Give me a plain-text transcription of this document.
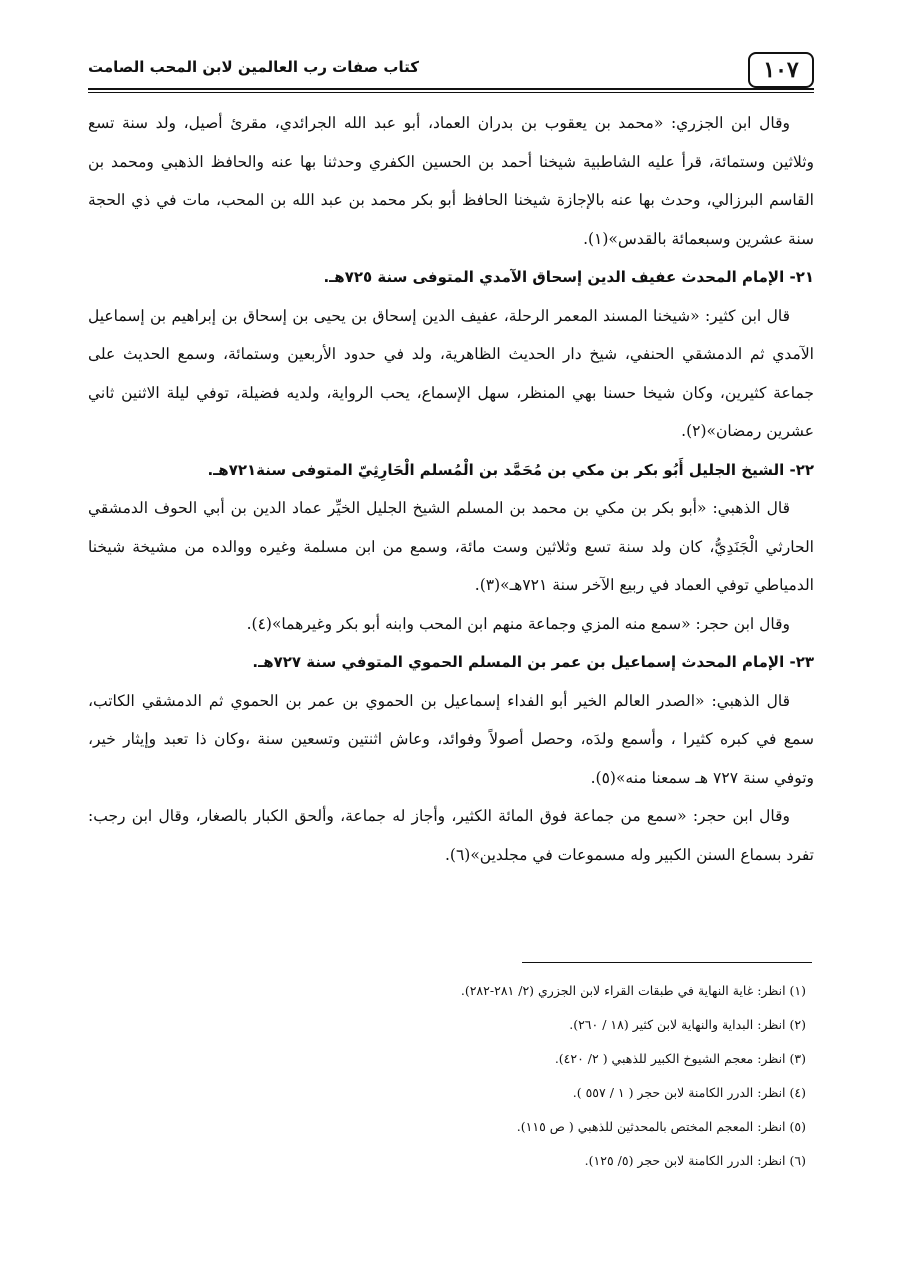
١٠٧
كتاب صفات رب العالمين لابن المحب الصامت

وقال ابن الجزري: «محمد بن يعقوب بن بدران العماد، أبو عبد الله الجرائدي، مقرئ أصيل، ولد سنة تسع وثلاثين وستمائة، قرأ عليه الشاطبية شيخنا أحمد بن الحسين الكفري وحدثنا بها عنه والحافظ الذهبي ومحمد بن القاسم البرزالي، وحدث بها عنه بالإجازة شيخنا الحافظ أبو بكر محمد بن عبد الله بن المحب، مات في ذي الحجة سنة عشرين وسبعمائة بالقدس»(١).

٢١- الإمام المحدث عفيف الدين إسحاق الآمدي المتوفى سنة ٧٢٥هـ.

قال ابن كثير: «شيخنا المسند المعمر الرحلة، عفيف الدين إسحاق بن يحيى بن إسحاق بن إبراهيم بن إسماعيل الآمدي ثم الدمشقي الحنفي، شيخ دار الحديث الظاهرية، ولد في حدود الأربعين وستمائة، وسمع الحديث على جماعة كثيرين، وكان شيخا حسنا بهي المنظر، سهل الإسماع، يحب الرواية، ولديه فضيلة، توفي ليلة الاثنين ثاني عشرين رمضان»(٢).

٢٢- الشيخ الجليل أَبُو بكر بن مكي بن مُحَمَّد بن الْمُسلم الْحَارِثِيّ المتوفى سنة٧٢١هـ.

قال الذهبي: «أبو بكر بن مكي بن محمد بن المسلم الشيخ الجليل الخيِّر عماد الدين بن أبي الحوف الدمشقي الحارثي الْجَنَدِيُّ، كان ولد سنة تسع وثلاثين وست مائة، وسمع من ابن مسلمة وغيره ووالده من مشيخة شيخنا الدمياطي توفي العماد في ربيع الآخر سنة ٧٢١هـ»(٣).

وقال ابن حجر: «سمع منه المزي وجماعة منهم ابن المحب وابنه أبو بكر وغيرهما»(٤).

٢٣- الإمام المحدث إسماعيل بن عمر بن المسلم الحموي المتوفي سنة ٧٢٧هـ.

قال الذهبي: «الصدر العالم الخير أبو الفداء إسماعيل بن الحموي بن عمر بن الحموي ثم الدمشقي الكاتب، سمع في كبره كثيرا ، وأسمع ولدَه، وحصل أصولاً وفوائد، وعاش اثنتين وتسعين سنة ،وكان ذا تعبد وإيثار خير، وتوفي سنة ٧٢٧ هـ سمعنا منه»(٥).

وقال ابن حجر: «سمع من جماعة فوق المائة الكثير، وأجاز له جماعة، وألحق الكبار بالصغار، وقال ابن رجب: تفرد بسماع السنن الكبير وله مسموعات في مجلدين»(٦).

(١) انظر: غاية النهاية في طبقات القراء لابن الجزري (٢/ ٢٨١-٢٨٢).

(٢) انظر: البداية والنهاية لابن كثير (١٨ / ٢٦٠).

(٣) انظر: معجم الشيوخ الكبير للذهبي ( ٢/ ٤٢٠).

(٤) انظر: الدرر الكامنة لابن حجر ( ١ / ٥٥٧ ).

(٥) انظر: المعجم المختص بالمحدثين للذهبي ( ص ١١٥).

(٦) انظر: الدرر الكامنة لابن حجر (٥/ ١٢٥).
